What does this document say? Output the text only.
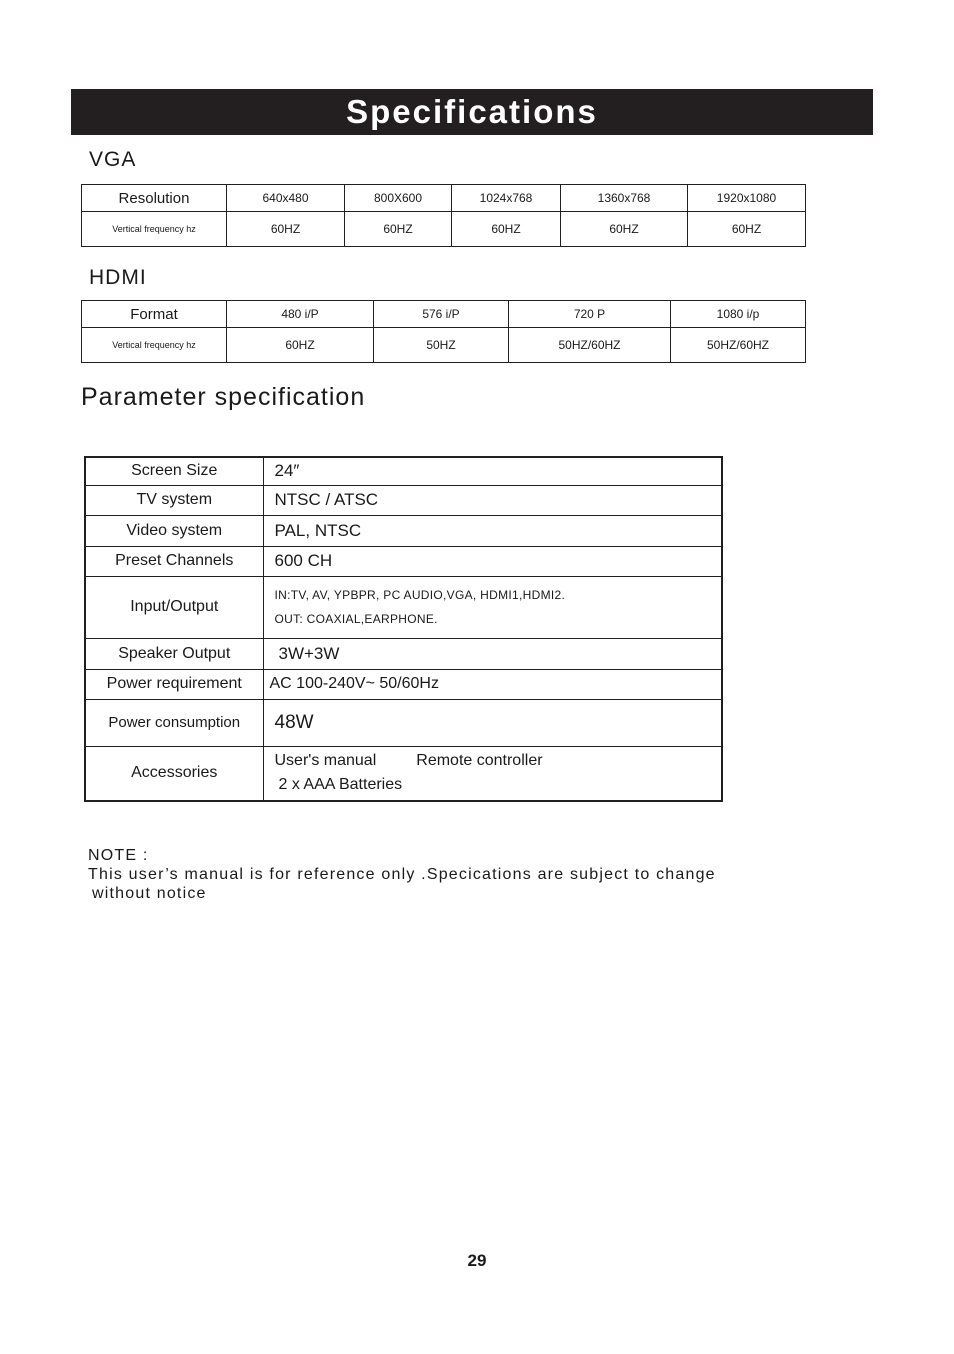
Specifications
VGA
Resolution	640x480	800X600	1024x768	1360x768	1920x1080
Vertical frequency hz	60HZ	60HZ	60HZ	60HZ	60HZ
HDMI
Format	480 i/P	576 i/P	720 P	1080 i/p
Vertical frequency hz	60HZ	50HZ	50HZ/60HZ	50HZ/60HZ
Parameter specification
Screen Size	24″
TV system	NTSC / ATSC
Video system	PAL, NTSC
Preset Channels	600 CH
Input/Output	IN:TV, AV, YPBPR, PC AUDIO,VGA, HDMI1,HDMI2.
OUT: COAXIAL,EARPHONE.

Speaker Output	3W+3W
Power requirement	AC 100-240V~ 50/60Hz
Power consumption	48W
Accessories	User's manual Remote controller
2 x AAA Batteries
NOTE :
This user’s manual is for reference only .Specications are subject to change
without notice
29
